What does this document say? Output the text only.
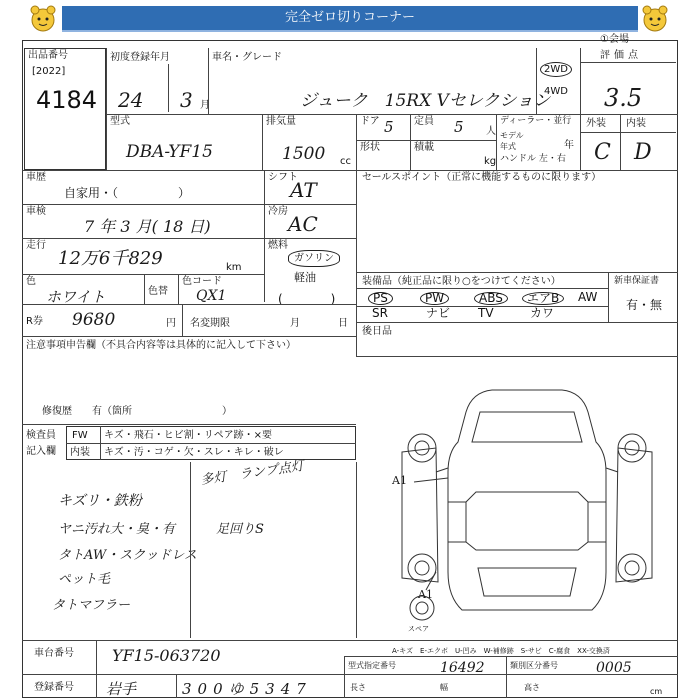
完全ゼロ切りコーナー
出品番号
[2022]
4184
初度登録年月
24 3 月
車名・グレード
ジューク　15RX Vセレクション
2WD
4WD
①会場
評価点
3.5
型式
DBA-YF15
排気量
1500 cc
ドア 5 定員 5 人
ディーラー・並行
モデル年式	年
形状	積載
kg ハンドル 左・右
外装 内装
C D
車歴
自家用・（　　　　　）
シフト
AT
車検
7 年 3 月( 18 日)
冷房
AC
走行
12万6千829	km
燃料
ガソリン
軽油
色
ホワイト	色替
色コード
QX1	(　　　　)
R券 9680	円 名変期限	月	日
注意事項申告欄（不具合内容等は具体的に記入して下さい）
修復歴　　有（箇所　　　　　　　　　）
セールスポイント（正常に機能するものに限ります）
装備品（純正品に限り○をつけてください）	新車保証書
有・無
PS	PW	ABS	エアB	AW
SR	ナビ TV	カワ
後日品
検査員
記入欄
FW キズ・飛石・ヒビ割・リペア跡・×要
内装 キズ・汚・コゲ・欠・スレ・キレ・破レ
多灯　ランプ点灯
キズリ・鉄粉
ヤニ汚れ大・臭・有
タトAW・スクッドレス
ペット毛
タトマフラー
足回りS
A1
A1
スペア
A-キズ　E-エクボ　U-凹み　W-補修跡　S-サビ　C-腐食　XX-交換済
車台番号 YF15-063720
型式指定番号	16492	類別区分番号	0005
登録番号 岩手	300ゆ5347	長さ	幅	高さ	cm
